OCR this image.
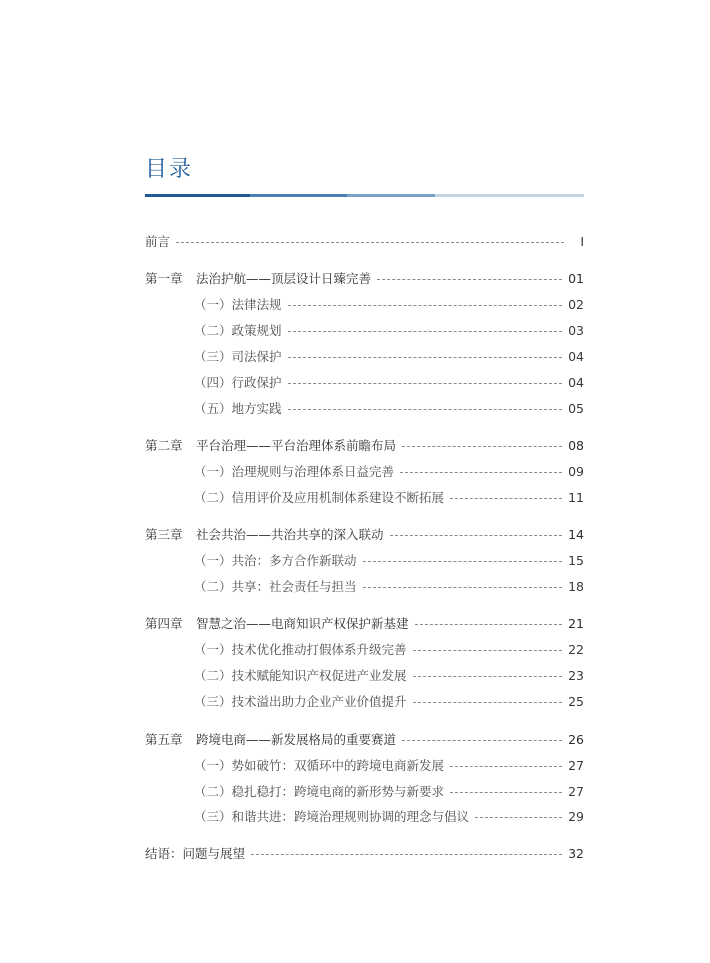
目录
前言	I
第一章	法治护航——顶层设计日臻完善	01
（一）法律法规	02
（二）政策规划	03
（三）司法保护	04
（四）行政保护	04
（五）地方实践	05
第二章	平台治理——平台治理体系前瞻布局	08
（一）治理规则与治理体系日益完善	09
（二）信用评价及应用机制体系建设不断拓展	11
第三章	社会共治——共治共享的深入联动	14
（一）共治：多方合作新联动	15
（二）共享：社会责任与担当	18
第四章	智慧之治——电商知识产权保护新基建	21
（一）技术优化推动打假体系升级完善	22
（二）技术赋能知识产权促进产业发展	23
（三）技术溢出助力企业产业价值提升	25
第五章	跨境电商——新发展格局的重要赛道	26
（一）势如破竹：双循环中的跨境电商新发展	27
（二）稳扎稳打：跨境电商的新形势与新要求	27
（三）和谐共进：跨境治理规则协调的理念与倡议	29
结语：问题与展望	32
